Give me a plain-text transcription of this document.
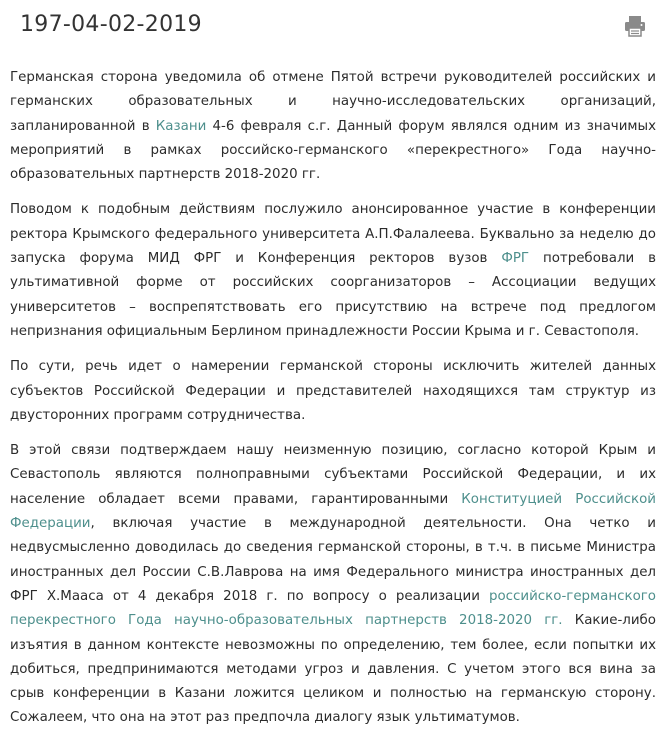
197-04-02-2019

Германская сторона уведомила об отмене Пятой встречи руководителей российских и германских образовательных и научно-исследовательских организаций, запланированной в Казани 4-6 февраля с.г. Данный форум являлся одним из значимых мероприятий в рамках российско-германского «перекрестного» Года научно-образовательных партнерств 2018-2020 гг.

Поводом к подобным действиям послужило анонсированное участие в конференции ректора Крымского федерального университета А.П.Фалалеева. Буквально за неделю до запуска форума МИД ФРГ и Конференция ректоров вузов ФРГ потребовали в ультимативной форме от российских соорганизаторов – Ассоциации ведущих университетов – воспрепятствовать его присутствию на встрече под предлогом непризнания официальным Берлином принадлежности России Крыма и г. Севастополя.

По сути, речь идет о намерении германской стороны исключить жителей данных субъектов Российской Федерации и представителей находящихся там структур из двусторонних программ сотрудничества.

В этой связи подтверждаем нашу неизменную позицию, согласно которой Крым и Севастополь являются полноправными субъектами Российской Федерации, и их население обладает всеми правами, гарантированными Конституцией Российской Федерации, включая участие в международной деятельности. Она четко и недвусмысленно доводилась до сведения германской стороны, в т.ч. в письме Министра иностранных дел России С.В.Лаврова на имя Федерального министра иностранных дел ФРГ Х.Мааса от 4 декабря 2018 г. по вопросу о реализации российско-германского перекрестного Года научно-образовательных партнерств 2018-2020 гг. Какие-либо изъятия в данном контексте невозможны по определению, тем более, если попытки их добиться, предпринимаются методами угроз и давления. С учетом этого вся вина за срыв конференции в Казани ложится целиком и полностью на германскую сторону. Сожалеем, что она на этот раз предпочла диалогу язык ультиматумов.
